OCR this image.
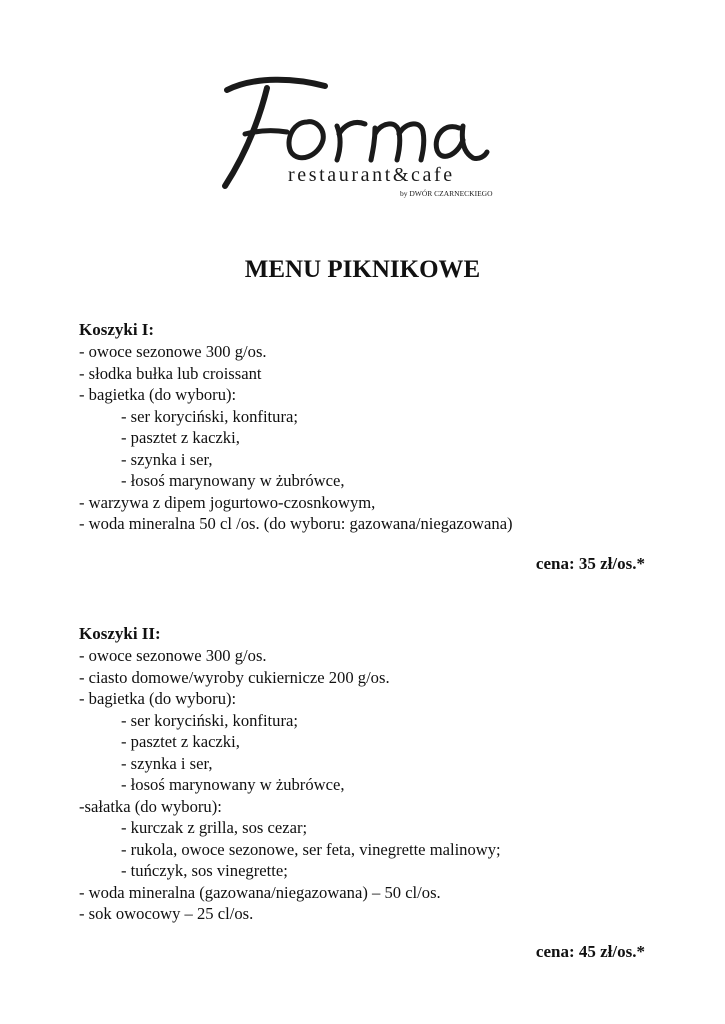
restaurant&cafe
by DWÓR CZARNECKIEGO
MENU PIKNIKOWE

Koszyki I:

- owoce sezonowe 300 g/os.
- słodka bułka lub croissant
- bagietka (do wyboru):
- ser koryciński, konfitura;
- pasztet z kaczki,
- szynka i ser,
- łosoś marynowany w żubrówce,
- warzywa z dipem jogurtowo-czosnkowym,
- woda mineralna 50 cl /os. (do wyboru: gazowana/niegazowana)
cena: 35 zł/os.*

Koszyki II:

- owoce sezonowe 300 g/os.
- ciasto domowe/wyroby cukiernicze 200 g/os.
- bagietka (do wyboru):
- ser koryciński, konfitura;
- pasztet z kaczki,
- szynka i ser,
- łosoś marynowany w żubrówce,
-sałatka (do wyboru):
- kurczak z grilla, sos cezar;
- rukola, owoce sezonowe, ser feta, vinegrette malinowy;
- tuńczyk, sos vinegrette;
- woda mineralna (gazowana/niegazowana) – 50 cl/os.
- sok owocowy – 25 cl/os.
cena: 45 zł/os.*
